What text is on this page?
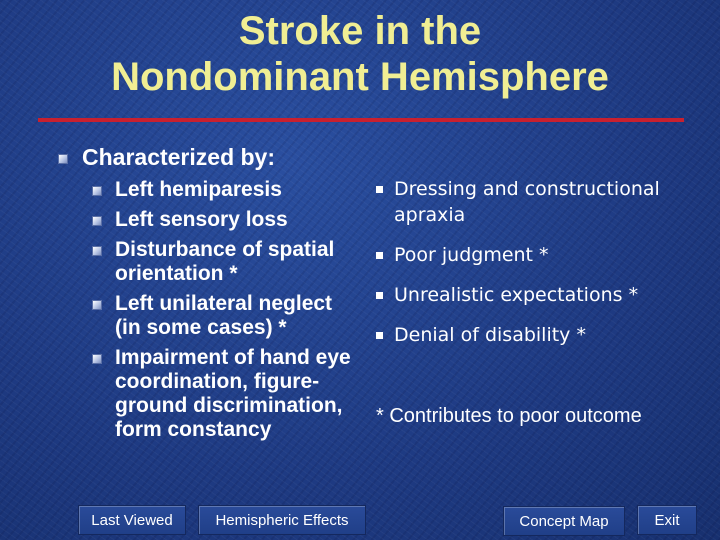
Stroke in the
Nondominant Hemisphere

Characterized by:

Left hemiparesis
Left sensory loss
Disturbance of spatial orientation *
Left unilateral neglect (in some cases) *
Impairment of hand eye coordination, figure-ground discrimination, form constancy
Dressing and constructional apraxia
Poor judgment *
Unrealistic expectations *
Denial of disability *

* Contributes to poor outcome

Last Viewed	Hemispheric Effects	Concept Map	Exit
